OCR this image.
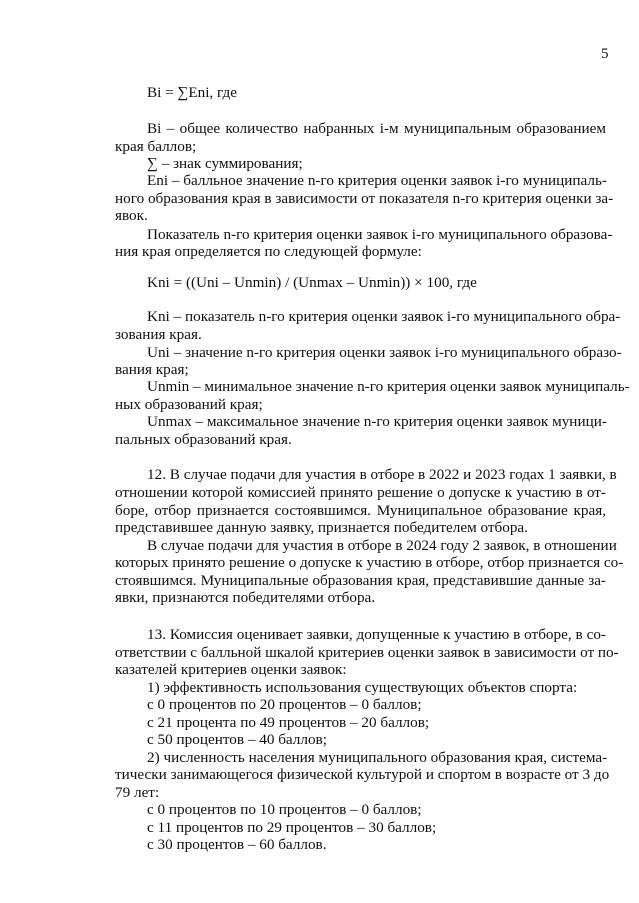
5
Bi = ∑Eni, где
Bi – общее количество набранных i-м муниципальным образованием
края баллов;
∑ – знак суммирования;
Eni – балльное значение n-го критерия оценки заявок i-го муниципаль-
ного образования края в зависимости от показателя n-го критерия оценки за-
явок.
Показатель n-го критерия оценки заявок i-го муниципального образова-
ния края определяется по следующей формуле:
Kni = ((Uni – Unmin) / (Unmax – Unmin)) × 100, где
Kni – показатель n-го критерия оценки заявок i-го муниципального обра-
зования края.
Uni – значение n-го критерия оценки заявок i-го муниципального образо-
вания края;
Unmin – минимальное значение n-го критерия оценки заявок муниципаль-
ных образований края;
Unmax – максимальное значение n-го критерия оценки заявок муници-
пальных образований края.
12. В случае подачи для участия в отборе в 2022 и 2023 годах 1 заявки, в
отношении которой комиссией принято решение о допуске к участию в от-
боре, отбор признается состоявшимся. Муниципальное образование края,
представившее данную заявку, признается победителем отбора.
В случае подачи для участия в отборе в 2024 году 2 заявок, в отношении
которых принято решение о допуске к участию в отборе, отбор признается со-
стоявшимся. Муниципальные образования края, представившие данные за-
явки, признаются победителями отбора.
13. Комиссия оценивает заявки, допущенные к участию в отборе, в со-
ответствии с балльной шкалой критериев оценки заявок в зависимости от по-
казателей критериев оценки заявок:
1) эффективность использования существующих объектов спорта:
с 0 процентов по 20 процентов – 0 баллов;
с 21 процента по 49 процентов – 20 баллов;
с 50 процентов – 40 баллов;
2) численность населения муниципального образования края, система-
тически занимающегося физической культурой и спортом в возрасте от 3 до
79 лет:
с 0 процентов по 10 процентов – 0 баллов;
с 11 процентов по 29 процентов – 30 баллов;
с 30 процентов – 60 баллов.
